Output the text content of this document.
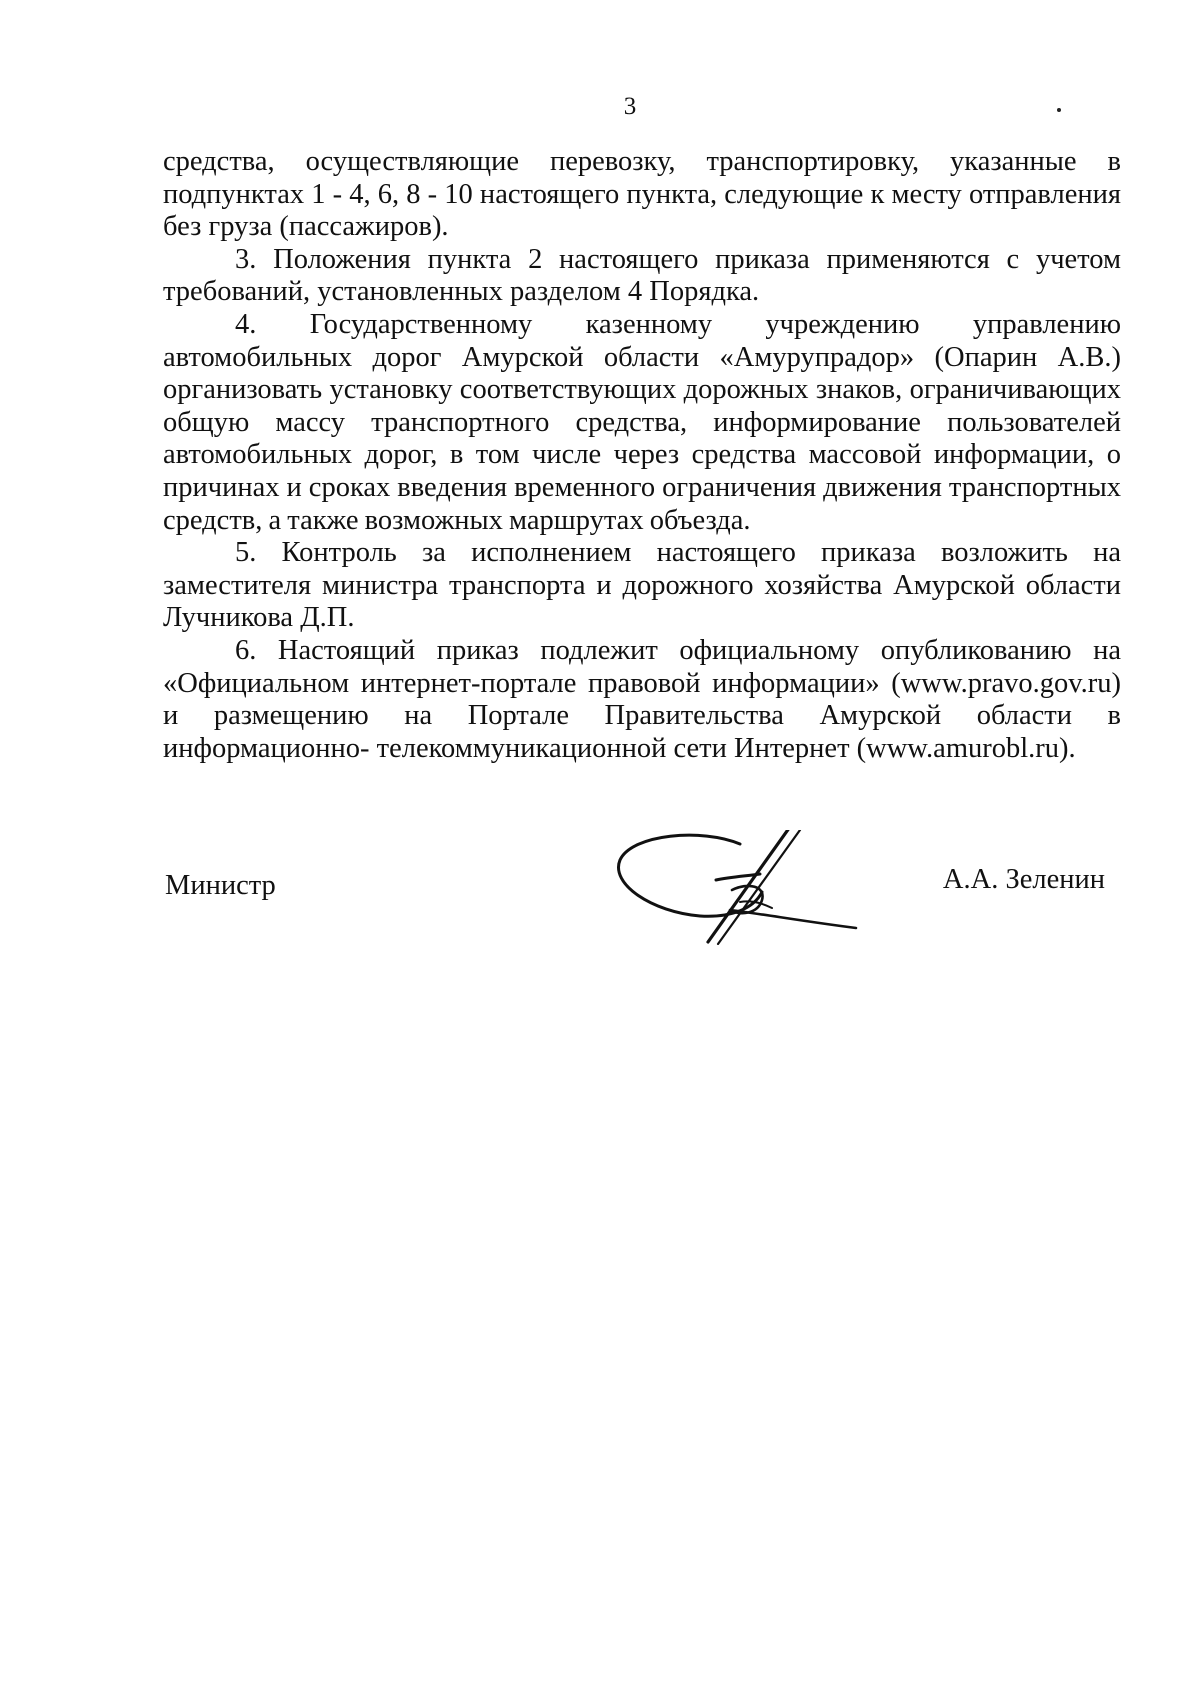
3

средства, осуществляющие перевозку, транспортировку, указанные в подпунктах 1 - 4, 6, 8 - 10 настоящего пункта, следующие к месту отправления без груза (пассажиров).

3. Положения пункта 2 настоящего приказа применяются с учетом требований, установленных разделом 4 Порядка.

4. Государственному казенному учреждению управлению автомобильных дорог Амурской области «Амурупрадор» (Опарин А.В.) организовать установку соответствующих дорожных знаков, ограничивающих общую массу транспортного средства, информирование пользователей автомобильных дорог, в том числе через средства массовой информации, о причинах и сроках введения временного ограничения движения транспортных средств, а также возможных маршрутах объезда.

5. Контроль за исполнением настоящего приказа возложить на заместителя министра транспорта и дорожного хозяйства Амурской области Лучникова Д.П.

6. Настоящий приказ подлежит официальному опубликованию на «Официальном интернет-портале правовой информации» (www.pravo.gov.ru) и размещению на Портале Правительства Амурской области в информационно- телекоммуникационной сети Интернет (www.amurobl.ru).

Министр	А.А. Зеленин
